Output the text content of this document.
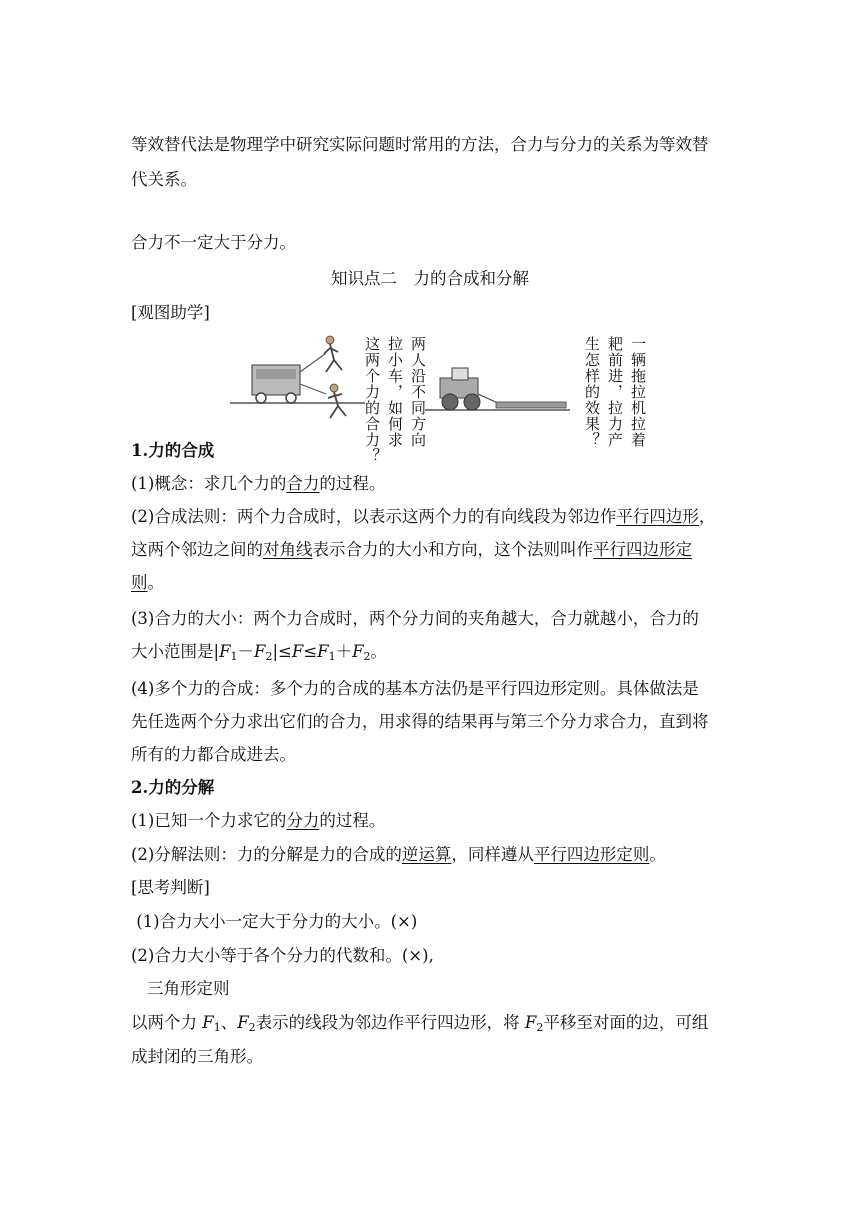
等效替代法是物理学中研究实际问题时常用的方法，合力与分力的关系为等效替
代关系。
合力不一定大于分力。
知识点二　力的合成和分解
[观图助学]
两人沿不同方向
拉小车，如何求
这两个力的合力？	一辆拖拉机拉着
耙前进，拉力产
生怎样的效果？
1.力的合成
(1)概念：求几个力的合力的过程。
(2)合成法则：两个力合成时，以表示这两个力的有向线段为邻边作平行四边形，
这两个邻边之间的对角线表示合力的大小和方向，这个法则叫作平行四边形定
则。
(3)合力的大小：两个力合成时，两个分力间的夹角越大，合力就越小，合力的
大小范围是$|F_1-F_2|\le F\le F_1+F_2$。
(4)多个力的合成：多个力的合成的基本方法仍是平行四边形定则。具体做法是
先任选两个分力求出它们的合力，用求得的结果再与第三个分力求合力，直到将
所有的力都合成进去。
2.力的分解
(1)已知一个力求它的分力的过程。
(2)分解法则：力的分解是力的合成的逆运算，同样遵从平行四边形定则。
[思考判断]
(1)合力大小一定大于分力的大小。(×)
(2)合力大小等于各个分力的代数和。(×),
三角形定则
以两个力 $F_1$、$F_2$表示的线段为邻边作平行四边形，将 $F_2$平移至对面的边，可组
成封闭的三角形。
